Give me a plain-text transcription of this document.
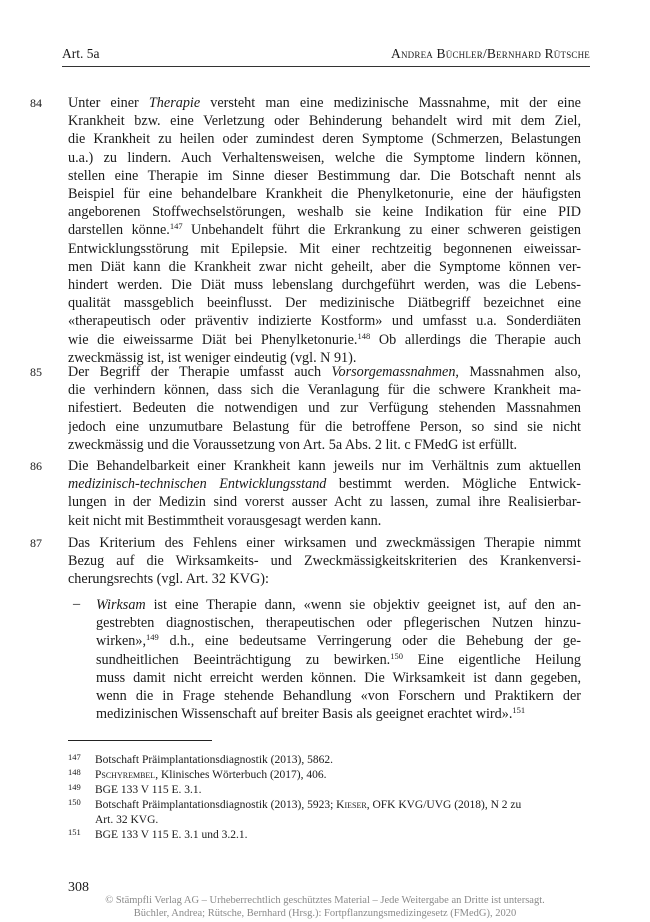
Art. 5a	Andrea Büchler/Bernhard Rütsche
84 Unter einer Therapie versteht man eine medizinische Massnahme, mit der eine
Krankheit bzw. eine Verletzung oder Behinderung behandelt wird mit dem Ziel,
die Krankheit zu heilen oder zumindest deren Symptome (Schmerzen, Belastungen
u.a.) zu lindern. Auch Verhaltensweisen, welche die Symptome lindern können,
stellen eine Therapie im Sinne dieser Bestimmung dar. Die Botschaft nennt als
Beispiel für eine behandelbare Krankheit die Phenylketonurie, eine der häufigsten
angeborenen Stoffwechselstörungen, weshalb sie keine Indikation für eine PID
darstellen könne.$^{147}$ Unbehandelt führt die Erkrankung zu einer schweren geistigen
Entwicklungsstörung mit Epilepsie. Mit einer rechtzeitig begonnenen eiweissar-
men Diät kann die Krankheit zwar nicht geheilt, aber die Symptome können ver-
hindert werden. Die Diät muss lebenslang durchgeführt werden, was die Lebens-
qualität massgeblich beeinflusst. Der medizinische Diätbegriff bezeichnet eine
«therapeutisch oder präventiv indizierte Kostform» und umfasst u.a. Sonderdiäten
wie die eiweissarme Diät bei Phenylketonurie.$^{148}$ Ob allerdings die Therapie auch
zweckmässig ist, ist weniger eindeutig (vgl. N 91).
85 Der Begriff der Therapie umfasst auch Vorsorgemassnahmen, Massnahmen also,
die verhindern können, dass sich die Veranlagung für die schwere Krankheit ma-
nifestiert. Bedeuten die notwendigen und zur Verfügung stehenden Massnahmen
jedoch eine unzumutbare Belastung für die betroffene Person, so sind sie nicht
zweckmässig und die Voraussetzung von Art. 5a Abs. 2 lit. c FMedG ist erfüllt.
86 Die Behandelbarkeit einer Krankheit kann jeweils nur im Verhältnis zum aktuellen
medizinisch-technischen Entwicklungsstand bestimmt werden. Mögliche Entwick-
lungen in der Medizin sind vorerst ausser Acht zu lassen, zumal ihre Realisierbar-
keit nicht mit Bestimmtheit vorausgesagt werden kann.
87 Das Kriterium des Fehlens einer wirksamen und zweckmässigen Therapie nimmt
Bezug auf die Wirksamkeits- und Zweckmässigkeitskriterien des Krankenversi-
cherungsrechts (vgl. Art. 32 KVG):
– Wirksam ist eine Therapie dann, «wenn sie objektiv geeignet ist, auf den an-
gestrebten diagnostischen, therapeutischen oder pflegerischen Nutzen hinzu-
wirken»,$^{149}$ d.h., eine bedeutsame Verringerung oder die Behebung der ge-
sundheitlichen Beeinträchtigung zu bewirken.$^{150}$ Eine eigentliche Heilung
muss damit nicht erreicht werden können. Die Wirksamkeit ist dann gegeben,
wenn die in Frage stehende Behandlung «von Forschern und Praktikern der
medizinischen Wissenschaft auf breiter Basis als geeignet erachtet wird».$^{151}$
147 Botschaft Präimplantationsdiagnostik (2013), 5862.
148 Pschyrembel, Klinisches Wörterbuch (2017), 406.
149 BGE 133 V 115 E. 3.1.
150 Botschaft Präimplantationsdiagnostik (2013), 5923; Kieser, OFK KVG/UVG (2018), N 2 zu
Art. 32 KVG.
151 BGE 133 V 115 E. 3.1 und 3.2.1.
308
© Stämpfli Verlag AG – Urheberrechtlich geschütztes Material – Jede Weitergabe an Dritte ist untersagt.
Büchler, Andrea; Rütsche, Bernhard (Hrsg.): Fortpflanzungsmedizingesetz (FMedG), 2020
